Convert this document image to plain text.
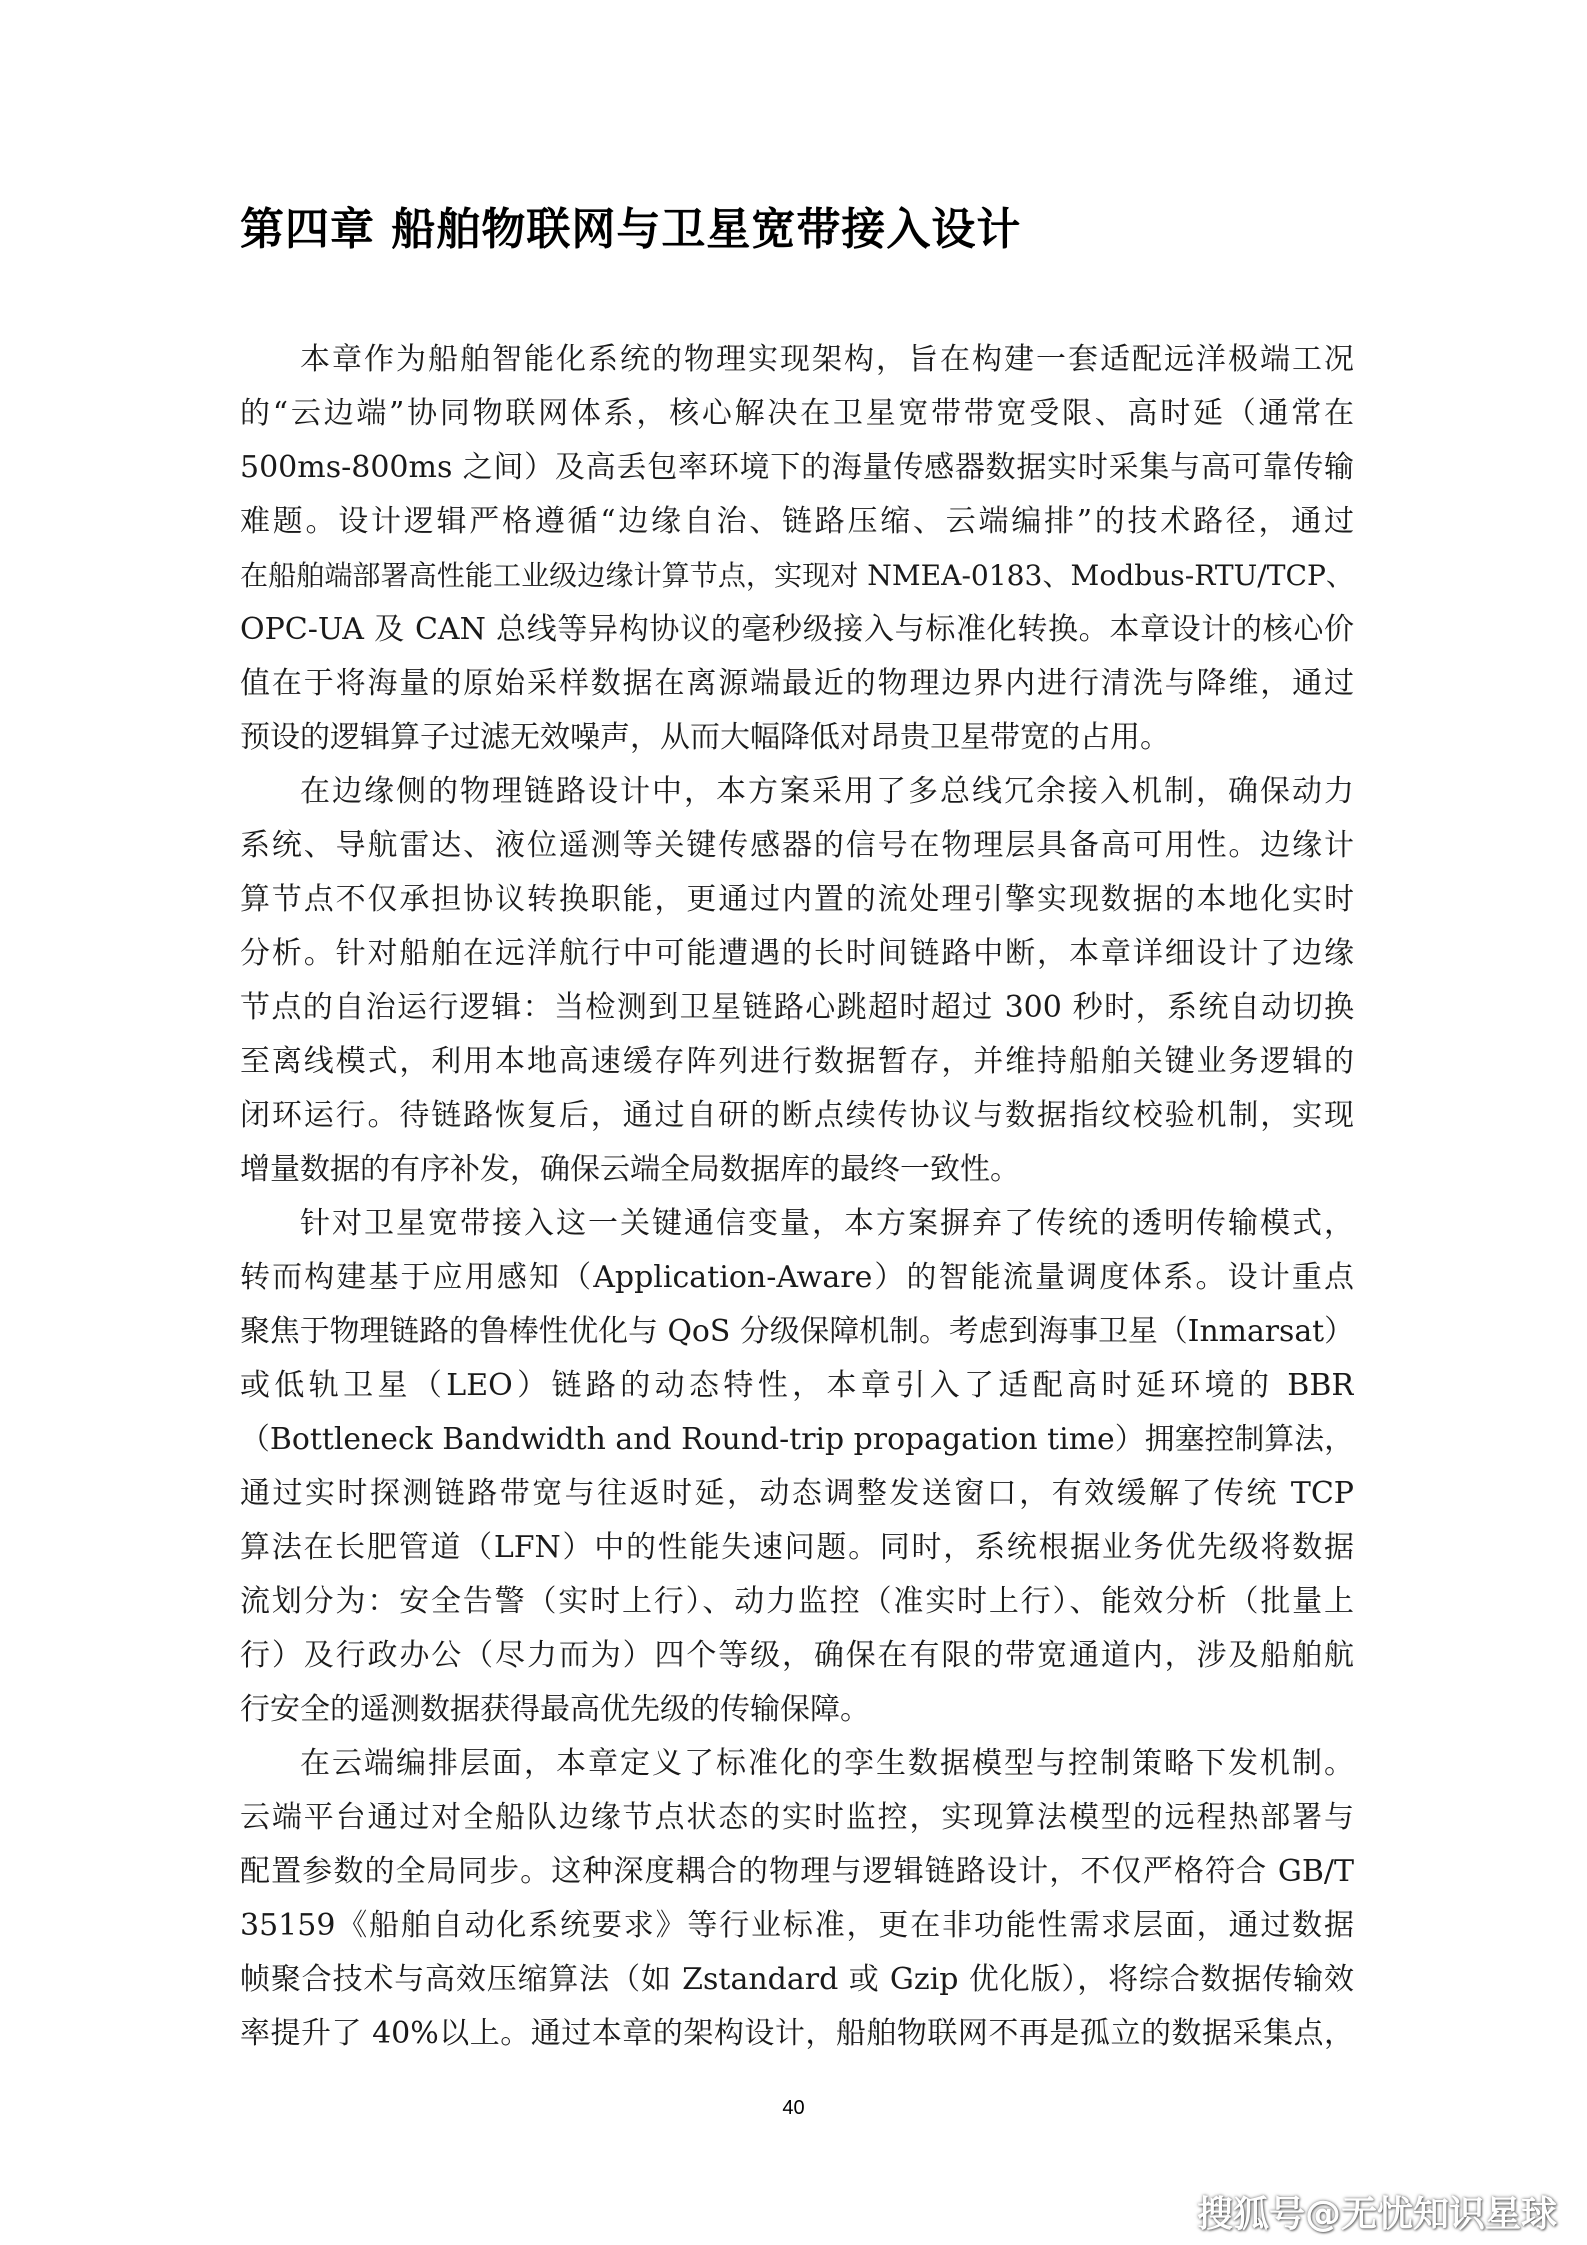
第四章 船舶物联网与卫星宽带接入设计
本章作为船舶智能化系统的物理实现架构，旨在构建一套适配远洋极端工况
的“云边端”协同物联网体系，核心解决在卫星宽带带宽受限、高时延（通常在
500ms-800ms 之间）及高丢包率环境下的海量传感器数据实时采集与高可靠传输
难题。设计逻辑严格遵循“边缘自治、链路压缩、云端编排”的技术路径，通过
在船舶端部署高性能工业级边缘计算节点，实现对 NMEA-0183、Modbus-RTU/TCP、
OPC-UA 及 CAN 总线等异构协议的毫秒级接入与标准化转换。本章设计的核心价
值在于将海量的原始采样数据在离源端最近的物理边界内进行清洗与降维，通过
预设的逻辑算子过滤无效噪声，从而大幅降低对昂贵卫星带宽的占用。
在边缘侧的物理链路设计中，本方案采用了多总线冗余接入机制，确保动力
系统、导航雷达、液位遥测等关键传感器的信号在物理层具备高可用性。边缘计
算节点不仅承担协议转换职能，更通过内置的流处理引擎实现数据的本地化实时
分析。针对船舶在远洋航行中可能遭遇的长时间链路中断，本章详细设计了边缘
节点的自治运行逻辑：当检测到卫星链路心跳超时超过 300 秒时，系统自动切换
至离线模式，利用本地高速缓存阵列进行数据暂存，并维持船舶关键业务逻辑的
闭环运行。待链路恢复后，通过自研的断点续传协议与数据指纹校验机制，实现
增量数据的有序补发，确保云端全局数据库的最终一致性。
针对卫星宽带接入这一关键通信变量，本方案摒弃了传统的透明传输模式，
转而构建基于应用感知（Application-Aware）的智能流量调度体系。设计重点
聚焦于物理链路的鲁棒性优化与 QoS 分级保障机制。考虑到海事卫星（Inmarsat）
或低轨卫星（LEO）链路的动态特性，本章引入了适配高时延环境的 BBR
（Bottleneck Bandwidth and Round-trip propagation time）拥塞控制算法，
通过实时探测链路带宽与往返时延，动态调整发送窗口，有效缓解了传统 TCP
算法在长肥管道（LFN）中的性能失速问题。同时，系统根据业务优先级将数据
流划分为：安全告警（实时上行）、动力监控（准实时上行）、能效分析（批量上
行）及行政办公（尽力而为）四个等级，确保在有限的带宽通道内，涉及船舶航
行安全的遥测数据获得最高优先级的传输保障。
在云端编排层面，本章定义了标准化的孪生数据模型与控制策略下发机制。
云端平台通过对全船队边缘节点状态的实时监控，实现算法模型的远程热部署与
配置参数的全局同步。这种深度耦合的物理与逻辑链路设计，不仅严格符合 GB/T
35159《船舶自动化系统要求》等行业标准，更在非功能性需求层面，通过数据
帧聚合技术与高效压缩算法（如 Zstandard 或 Gzip 优化版），将综合数据传输效
率提升了 40%以上。通过本章的架构设计，船舶物联网不再是孤立的数据采集点，
40
搜狐号@无忧知识星球
